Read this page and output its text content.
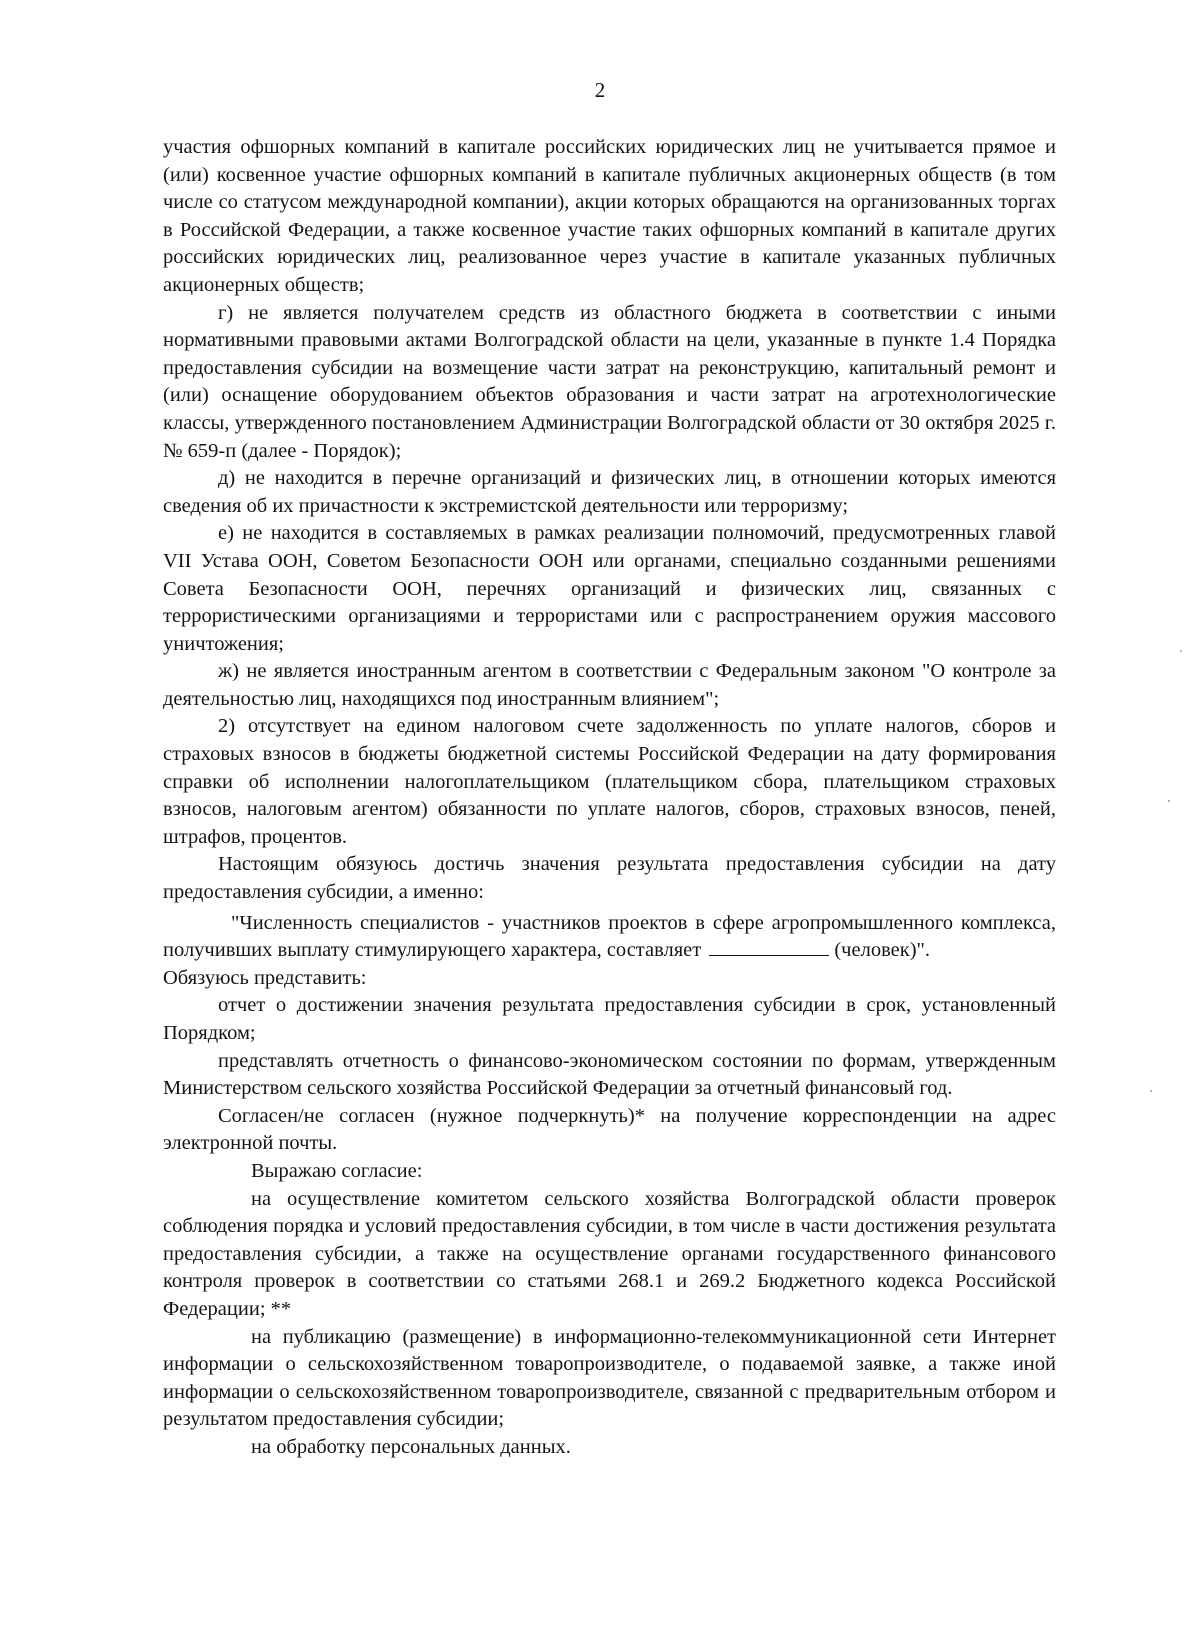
2

участия офшорных компаний в капитале российских юридических лиц не учитывается прямое и (или) косвенное участие офшорных компаний в капитале публичных акционерных обществ (в том числе со статусом международной компании), акции которых обращаются на организованных торгах в Российской Федерации, а также косвенное участие таких офшорных компаний в капитале других российских юридических лиц, реализованное через участие в капитале указанных публичных акционерных обществ;

г) не является получателем средств из областного бюджета в соответствии с иными нормативными правовыми актами Волгоградской области на цели, указанные в пункте 1.4 Порядка предоставления субсидии на возмещение части затрат на реконструкцию, капитальный ремонт и (или) оснащение оборудованием объектов образования и части затрат на агротехнологические классы, утвержденного постановлением Администрации Волгоградской области от 30 октября 2025 г. № 659-п (далее - Порядок);

д) не находится в перечне организаций и физических лиц, в отношении которых имеются сведения об их причастности к экстремистской деятельности или терроризму;

е) не находится в составляемых в рамках реализации полномочий, предусмотренных главой VII Устава ООН, Советом Безопасности ООН или органами, специально созданными решениями Совета Безопасности ООН, перечнях организаций и физических лиц, связанных с террористическими организациями и террористами или с распространением оружия массового уничтожения;

ж) не является иностранным агентом в соответствии с Федеральным законом "О контроле за деятельностью лиц, находящихся под иностранным влиянием";

2) отсутствует на едином налоговом счете задолженность по уплате налогов, сборов и страховых взносов в бюджеты бюджетной системы Российской Федерации на дату формирования справки об исполнении налогоплательщиком (плательщиком сбора, плательщиком страховых взносов, налоговым агентом) обязанности по уплате налогов, сборов, страховых взносов, пеней, штрафов, процентов.

Настоящим обязуюсь достичь значения результата предоставления субсидии на дату предоставления субсидии, а именно:

"Численность специалистов - участников проектов в сфере агропромышленного комплекса, получивших выплату стимулирующего характера, составляет	(человек)".

Обязуюсь представить:

отчет о достижении значения результата предоставления субсидии в срок, установленный Порядком;

представлять отчетность о финансово-экономическом состоянии по формам, утвержденным Министерством сельского хозяйства Российской Федерации за отчетный финансовый год.

Согласен/не согласен (нужное подчеркнуть)* на получение корреспонденции на адрес электронной почты.

Выражаю согласие:

на осуществление комитетом сельского хозяйства Волгоградской области проверок соблюдения порядка и условий предоставления субсидии, в том числе в части достижения результата предоставления субсидии, а также на осуществление органами государственного финансового контроля проверок в соответствии со статьями 268.1 и 269.2 Бюджетного кодекса Российской Федерации; **

на публикацию (размещение) в информационно-телекоммуникационной сети Интернет информации о сельскохозяйственном товаропроизводителе, о подаваемой заявке, а также иной информации о сельскохозяйственном товаропроизводителе, связанной с предварительным отбором и результатом предоставления субсидии;

на обработку персональных данных.
